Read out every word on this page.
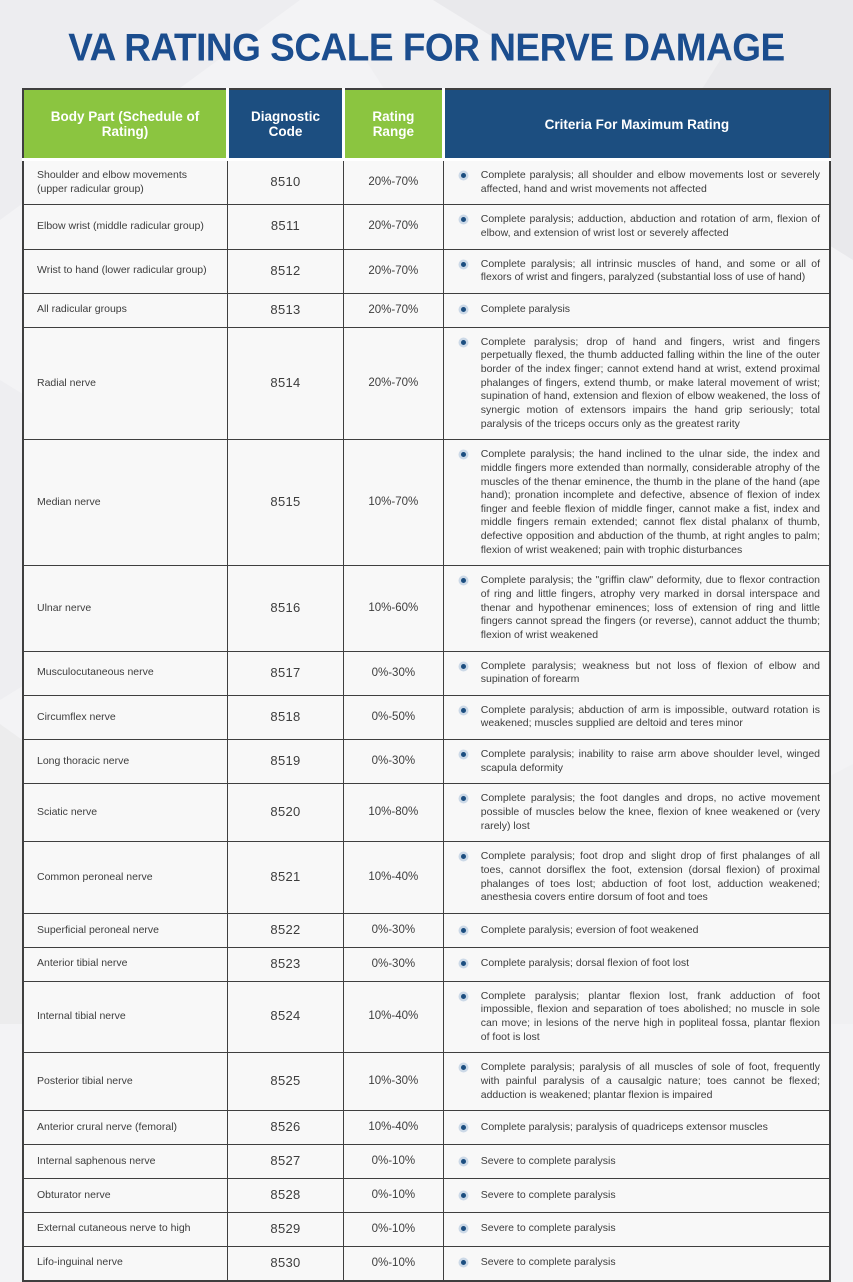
VA RATING SCALE FOR NERVE DAMAGE
Body Part (Schedule of Rating)	Diagnostic Code	Rating Range	Criteria For Maximum Rating
Shoulder and elbow movements (upper radicular group)	8510	20%-70%	Complete paralysis; all shoulder and elbow movements lost or severely affected, hand and wrist movements not affected

Elbow wrist (middle radicular group)	8511	20%-70%	Complete paralysis; adduction, abduction and rotation of arm, flexion of elbow, and extension of wrist lost or severely affected

Wrist to hand (lower radicular group)	8512	20%-70%	Complete paralysis; all intrinsic muscles of hand, and some or all of flexors of wrist and fingers, paralyzed (substantial loss of use of hand)

All radicular groups	8513	20%-70%	Complete paralysis

Radial nerve	8514	20%-70%	Complete paralysis; drop of hand and fingers, wrist and fingers perpetually flexed, the thumb adducted falling within the line of the outer border of the index finger; cannot extend hand at wrist, extend proximal phalanges of fingers, extend thumb, or make lateral movement of wrist; supination of hand, extension and flexion of elbow weakened, the loss of synergic motion of extensors impairs the hand grip seriously; total paralysis of the triceps occurs only as the greatest rarity

Median nerve	8515	10%-70%	Complete paralysis; the hand inclined to the ulnar side, the index and middle fingers more extended than normally, considerable atrophy of the muscles of the thenar eminence, the thumb in the plane of the hand (ape hand); pronation incomplete and defective, absence of flexion of index finger and feeble flexion of middle finger, cannot make a fist, index and middle fingers remain extended; cannot flex distal phalanx of thumb, defective opposition and abduction of the thumb, at right angles to palm; flexion of wrist weakened; pain with trophic disturbances

Ulnar nerve	8516	10%-60%	Complete paralysis; the "griffin claw" deformity, due to flexor contraction of ring and little fingers, atrophy very marked in dorsal interspace and thenar and hypothenar eminences; loss of extension of ring and little fingers cannot spread the fingers (or reverse), cannot adduct the thumb; flexion of wrist weakened

Musculocutaneous nerve	8517	0%-30%	Complete paralysis; weakness but not loss of flexion of elbow and supination of forearm

Circumflex nerve	8518	0%-50%	Complete paralysis; abduction of arm is impossible, outward rotation is weakened; muscles supplied are deltoid and teres minor

Long thoracic nerve	8519	0%-30%	Complete paralysis; inability to raise arm above shoulder level, winged scapula deformity

Sciatic nerve	8520	10%-80%	Complete paralysis; the foot dangles and drops, no active movement possible of muscles below the knee, flexion of knee weakened or (very rarely) lost

Common peroneal nerve	8521	10%-40%	Complete paralysis; foot drop and slight drop of first phalanges of all toes, cannot dorsiflex the foot, extension (dorsal flexion) of proximal phalanges of toes lost; abduction of foot lost, adduction weakened; anesthesia covers entire dorsum of foot and toes

Superficial peroneal nerve	8522	0%-30%	Complete paralysis; eversion of foot weakened

Anterior tibial nerve	8523	0%-30%	Complete paralysis; dorsal flexion of foot lost

Internal tibial nerve	8524	10%-40%	Complete paralysis; plantar flexion lost, frank adduction of foot impossible, flexion and separation of toes abolished; no muscle in sole can move; in lesions of the nerve high in popliteal fossa, plantar flexion of foot is lost

Posterior tibial nerve	8525	10%-30%	Complete paralysis; paralysis of all muscles of sole of foot, frequently with painful paralysis of a causalgic nature; toes cannot be flexed; adduction is weakened; plantar flexion is impaired

Anterior crural nerve (femoral)	8526	10%-40%	Complete paralysis; paralysis of quadriceps extensor muscles

Internal saphenous nerve	8527	0%-10%	Severe to complete paralysis

Obturator nerve	8528	0%-10%	Severe to complete paralysis

External cutaneous nerve to high	8529	0%-10%	Severe to complete paralysis

Lifo-inguinal nerve	8530	0%-10%	Severe to complete paralysis
